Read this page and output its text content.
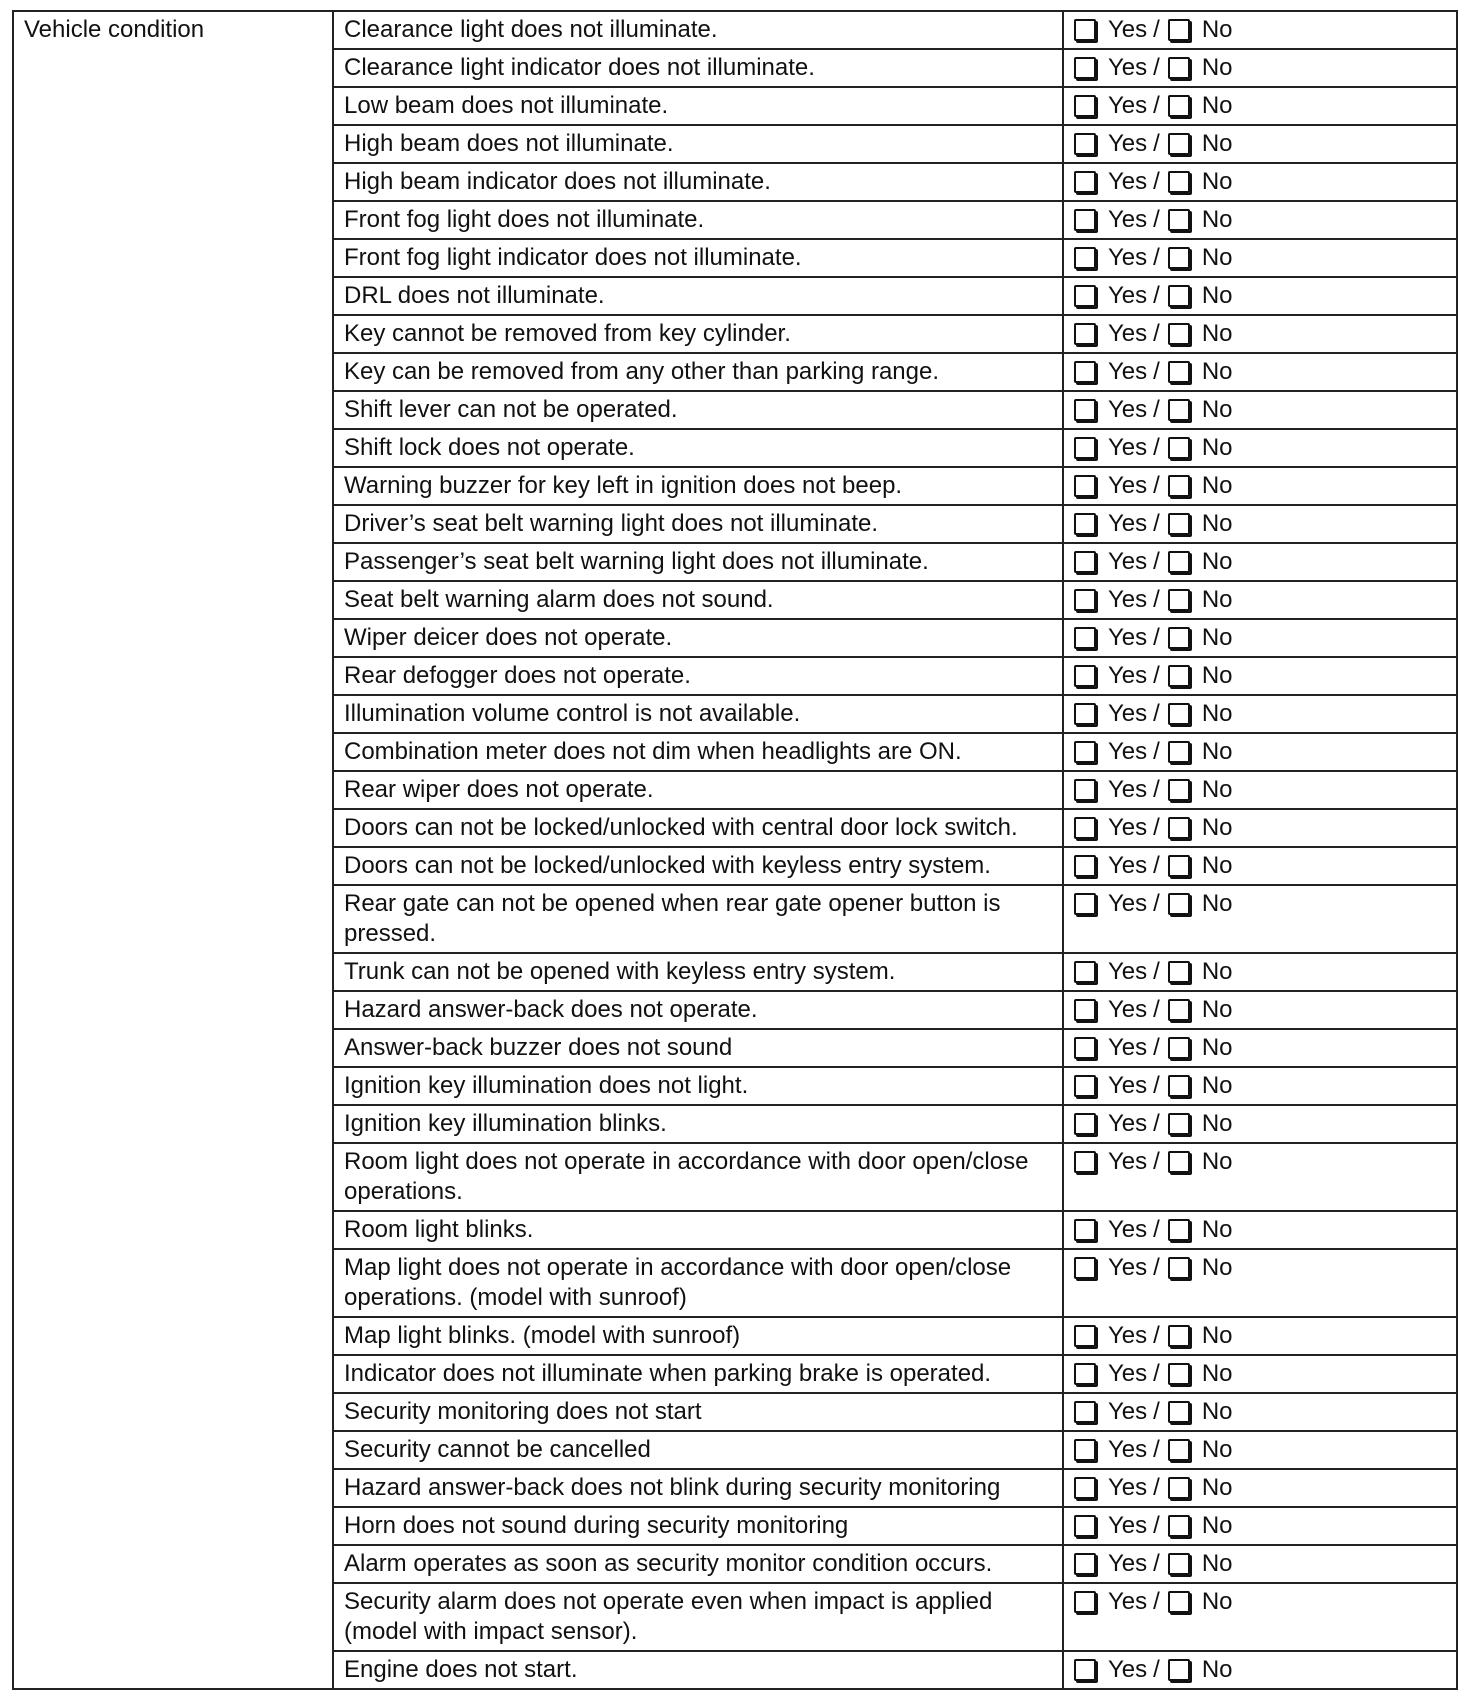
Vehicle condition	Clearance light does not illuminate.	Yes / No
	Clearance light indicator does not illuminate.	Yes / No
	Low beam does not illuminate.	Yes / No
	High beam does not illuminate.	Yes / No
	High beam indicator does not illuminate.	Yes / No
	Front fog light does not illuminate.	Yes / No
	Front fog light indicator does not illuminate.	Yes / No
	DRL does not illuminate.	Yes / No
	Key cannot be removed from key cylinder.	Yes / No
	Key can be removed from any other than parking range.	Yes / No
	Shift lever can not be operated.	Yes / No
	Shift lock does not operate.	Yes / No
	Warning buzzer for key left in ignition does not beep.	Yes / No
	Driver’s seat belt warning light does not illuminate.	Yes / No
	Passenger’s seat belt warning light does not illuminate.	Yes / No
	Seat belt warning alarm does not sound.	Yes / No
	Wiper deicer does not operate.	Yes / No
	Rear defogger does not operate.	Yes / No
	Illumination volume control is not available.	Yes / No
	Combination meter does not dim when headlights are ON.	Yes / No
	Rear wiper does not operate.	Yes / No
	Doors can not be locked/unlocked with central door lock switch.	Yes / No
	Doors can not be locked/unlocked with keyless entry system.	Yes / No
	Rear gate can not be opened when rear gate opener button is pressed.	Yes / No
	Trunk can not be opened with keyless entry system.	Yes / No
	Hazard answer-back does not operate.	Yes / No
	Answer-back buzzer does not sound	Yes / No
	Ignition key illumination does not light.	Yes / No
	Ignition key illumination blinks.	Yes / No
	Room light does not operate in accordance with door open/close operations.	Yes / No
	Room light blinks.	Yes / No
	Map light does not operate in accordance with door open/close operations. (model with sunroof)	Yes / No
	Map light blinks. (model with sunroof)	Yes / No
	Indicator does not illuminate when parking brake is operated.	Yes / No
	Security monitoring does not start	Yes / No
	Security cannot be cancelled	Yes / No
	Hazard answer-back does not blink during security monitoring	Yes / No
	Horn does not sound during security monitoring	Yes / No
	Alarm operates as soon as security monitor condition occurs.	Yes / No
	Security alarm does not operate even when impact is applied (model with impact sensor).	Yes / No
	Engine does not start.	Yes / No
